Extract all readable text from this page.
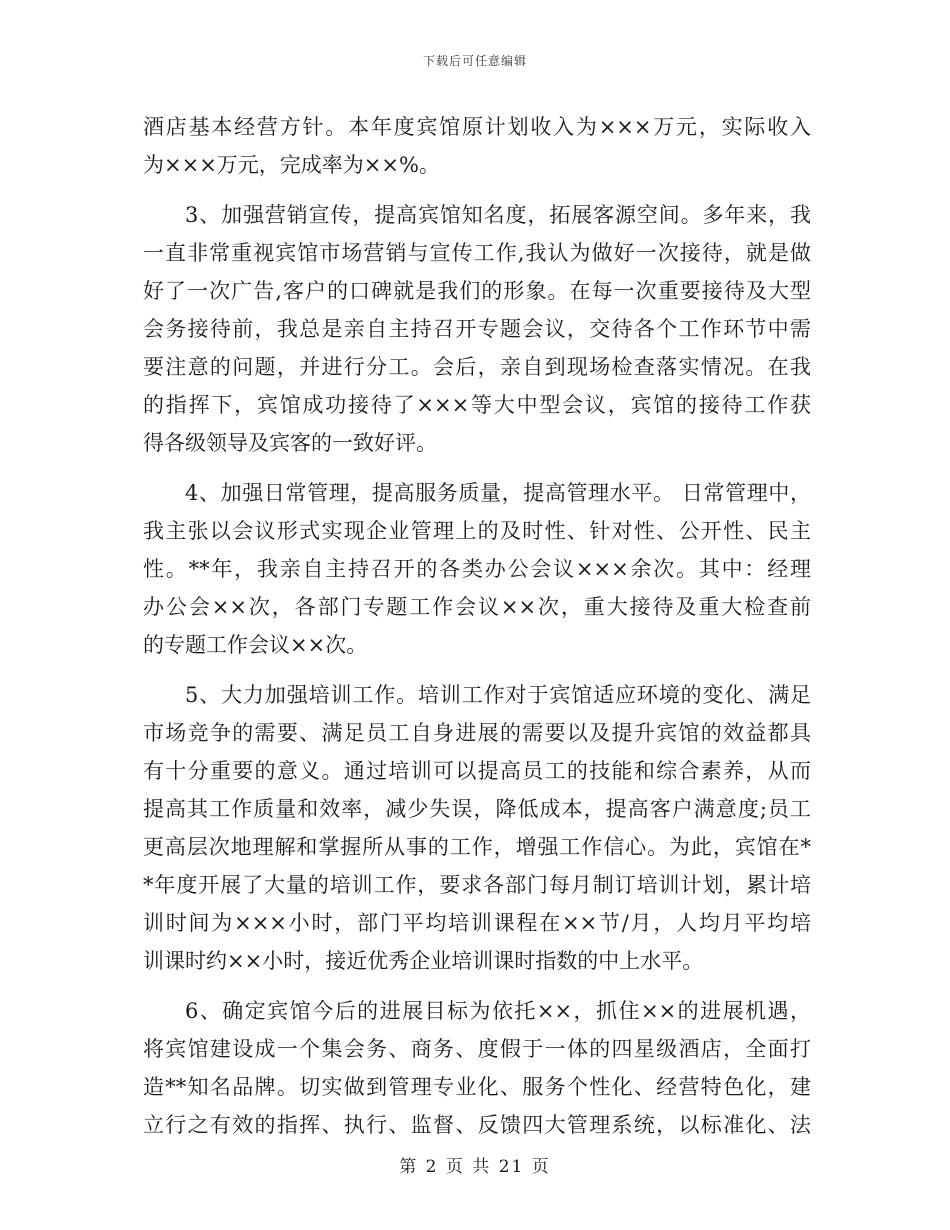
下载后可任意编辑
酒店基本经营方针。本年度宾馆原计划收入为×××万元，实际收入
为×××万元，完成率为××%。
3、加强营销宣传，提高宾馆知名度，拓展客源空间。多年来，我
一直非常重视宾馆市场营销与宣传工作,我认为做好一次接待，就是做
好了一次广告,客户的口碑就是我们的形象。在每一次重要接待及大型
会务接待前，我总是亲自主持召开专题会议，交待各个工作环节中需
要注意的问题，并进行分工。会后，亲自到现场检查落实情况。在我
的指挥下，宾馆成功接待了×××等大中型会议，宾馆的接待工作获
得各级领导及宾客的一致好评。
4、加强日常管理，提高服务质量，提高管理水平。 日常管理中，
我主张以会议形式实现企业管理上的及时性、针对性、公开性、民主
性。**年，我亲自主持召开的各类办公会议×××余次。其中：经理
办公会××次，各部门专题工作会议××次，重大接待及重大检查前
的专题工作会议××次。
5、大力加强培训工作。培训工作对于宾馆适应环境的变化、满足
市场竞争的需要、满足员工自身进展的需要以及提升宾馆的效益都具
有十分重要的意义。通过培训可以提高员工的技能和综合素养，从而
提高其工作质量和效率，减少失误，降低成本，提高客户满意度;员工
更高层次地理解和掌握所从事的工作，增强工作信心。为此，宾馆在*
*年度开展了大量的培训工作，要求各部门每月制订培训计划，累计培
训时间为×××小时，部门平均培训课程在××节/月，人均月平均培
训课时约××小时，接近优秀企业培训课时指数的中上水平。
6、确定宾馆今后的进展目标为依托××，抓住××的进展机遇，
将宾馆建设成一个集会务、商务、度假于一体的四星级酒店，全面打
造**知名品牌。切实做到管理专业化、服务个性化、经营特色化，建
立行之有效的指挥、执行、监督、反馈四大管理系统，以标准化、法
第 2 页 共 21 页
